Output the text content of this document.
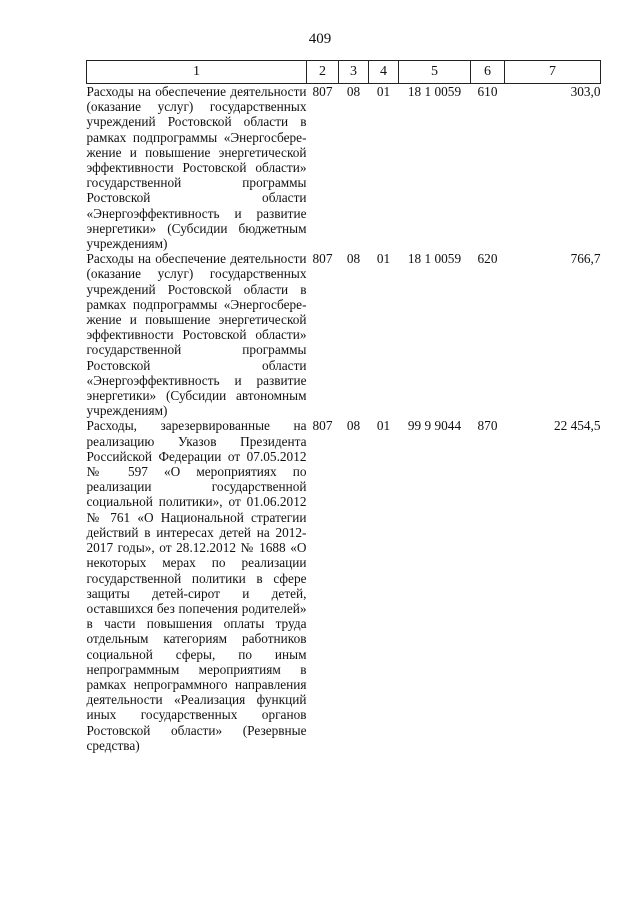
409
1	2	3	4	5	6	7
Расходы на обеспечение деятельности (оказание услуг) государственных учреждений Ростовской области в рамках подпрограммы «Энергосбережение и повышение энергетической эффективности Ростовской области» государственной программы Ростовской области «Энергоэффективность и развитие энергетики» (Субсидии бюджетным учреждениям)	807	08	01	18 1 0059	610	303,0
Расходы на обеспечение деятельности (оказание услуг) государственных учреждений Ростовской области в рамках подпрограммы «Энергосбережение и повышение энергетической эффективности Ростовской области» государственной программы Ростовской области «Энергоэффективность и развитие энергетики» (Субсидии автономным учреждениям)	807	08	01	18 1 0059	620	766,7
Расходы, зарезервированные на реализацию Указов Президента Российской Федерации от 07.05.2012 № 597 «О мероприятиях по реализации государственной социальной политики», от 01.06.2012 № 761 «О Национальной стратегии действий в интересах детей на 2012-2017 годы», от 28.12.2012 № 1688 «О некоторых мерах по реализации государственной политики в сфере защиты детей-сирот и детей, оставшихся без попечения родителей» в части повышения оплаты труда отдельным категориям работников социальной сферы, по иным непрограммным мероприятиям в рамках непрограммного направления деятельности «Реализация функций иных государственных органов Ростовской области» (Резервные средства)	807	08	01	99 9 9044	870	22 454,5
